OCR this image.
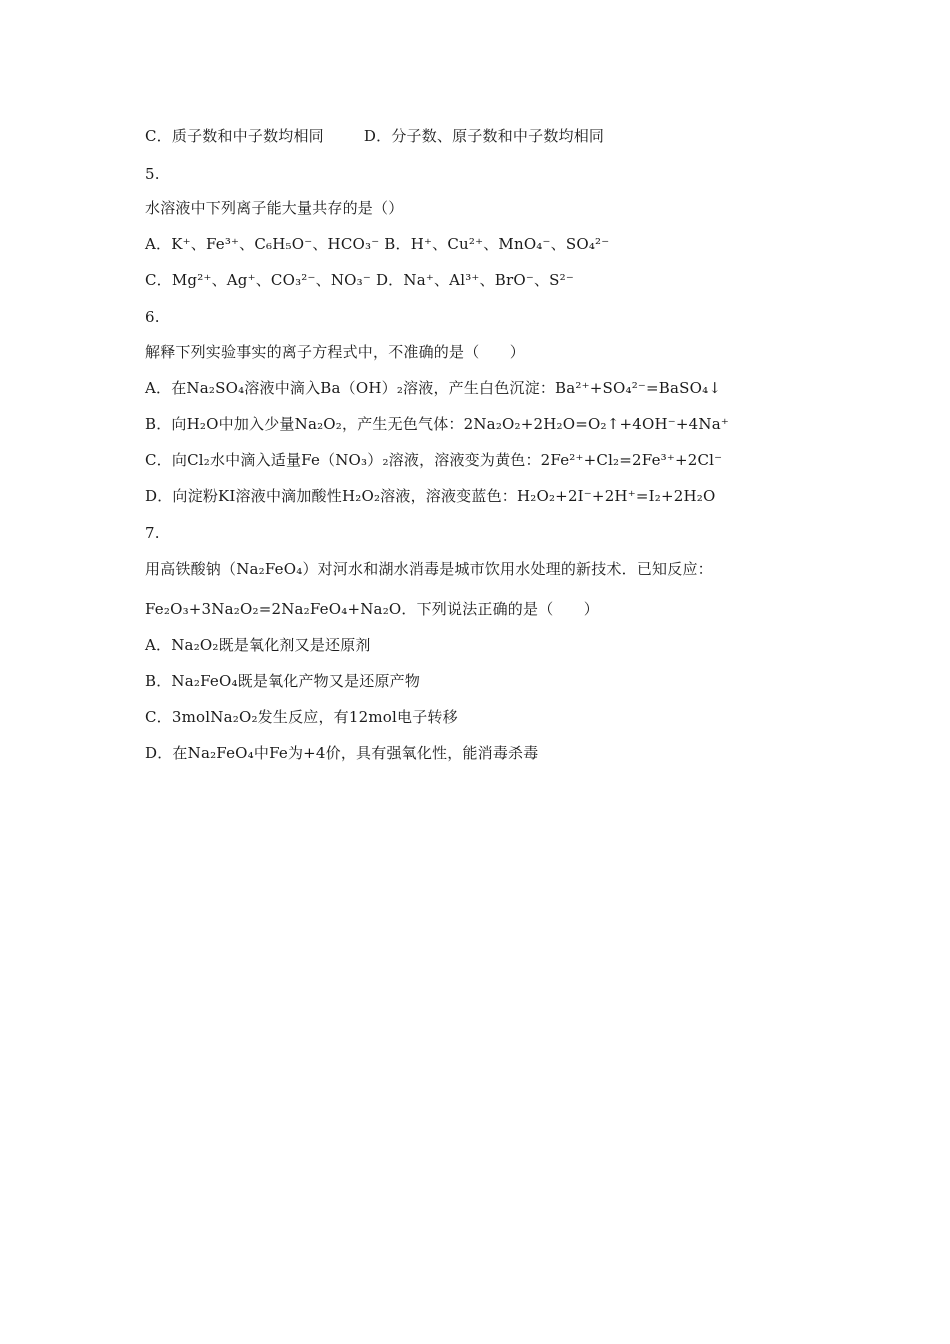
C．质子数和中子数均相同	D．分子数、原子数和中子数均相同
5.
水溶液中下列离子能大量共存的是（）
A．K⁺、Fe³⁺、C₆H₅O⁻、HCO₃⁻ B．H⁺、Cu²⁺、MnO₄⁻、SO₄²⁻
C．Mg²⁺、Ag⁺、CO₃²⁻、NO₃⁻ D．Na⁺、Al³⁺、BrO⁻、S²⁻
6.
解释下列实验事实的离子方程式中，不准确的是（　　）
A．在Na₂SO₄溶液中滴入Ba（OH）₂溶液，产生白色沉淀：Ba²⁺+SO₄²⁻=BaSO₄↓
B．向H₂O中加入少量Na₂O₂，产生无色气体：2Na₂O₂+2H₂O=O₂↑+4OH⁻+4Na⁺
C．向Cl₂水中滴入适量Fe（NO₃）₂溶液，溶液变为黄色：2Fe²⁺+Cl₂=2Fe³⁺+2Cl⁻
D．向淀粉KI溶液中滴加酸性H₂O₂溶液，溶液变蓝色：H₂O₂+2I⁻+2H⁺=I₂+2H₂O
7.
用高铁酸钠（Na₂FeO₄）对河水和湖水消毒是城市饮用水处理的新技术．已知反应：
Fe₂O₃+3Na₂O₂=2Na₂FeO₄+Na₂O．下列说法正确的是（　　）
A．Na₂O₂既是氧化剂又是还原剂
B．Na₂FeO₄既是氧化产物又是还原产物
C．3molNa₂O₂发生反应，有12mol电子转移
D．在Na₂FeO₄中Fe为+4价，具有强氧化性，能消毒杀毒
